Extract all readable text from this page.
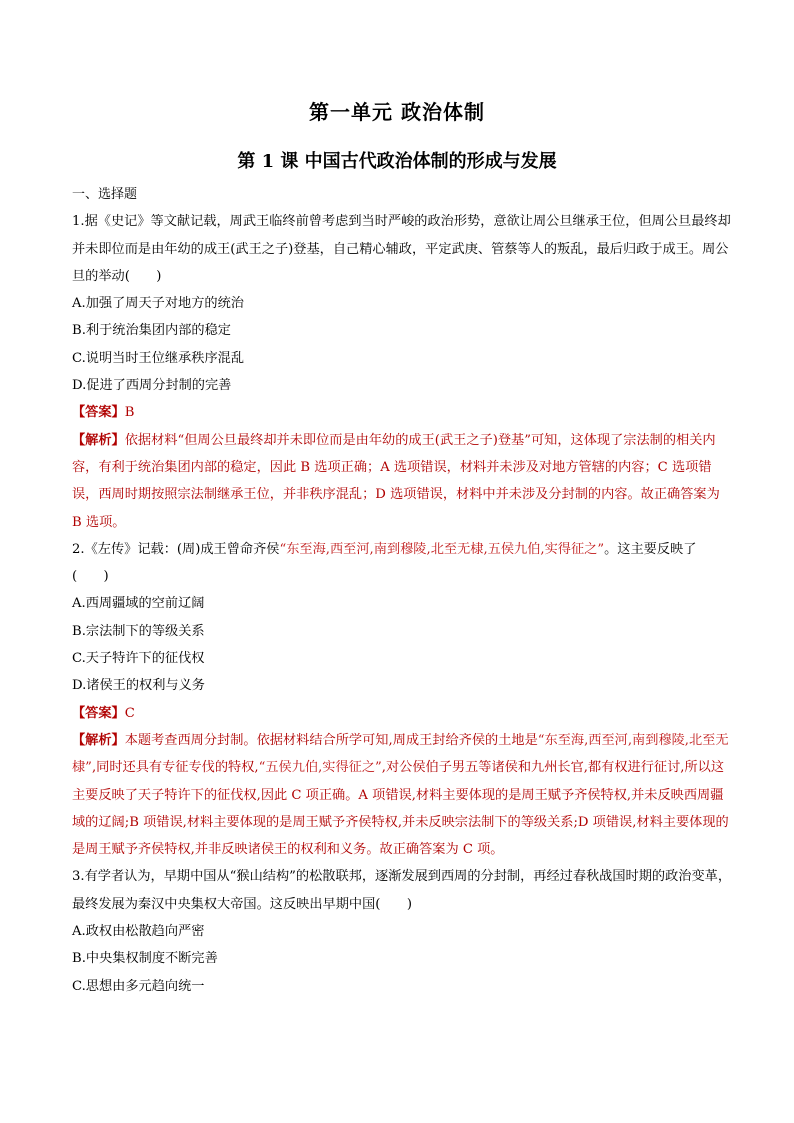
第一单元 政治体制
第 1 课 中国古代政治体制的形成与发展

一、选择题

1.据《史记》等文献记载，周武王临终前曾考虑到当时严峻的政治形势，意欲让周公旦继承王位，但周公旦最终却并未即位而是由年幼的成王(武王之子)登基，自己精心辅政，平定武庚、管蔡等人的叛乱，最后归政于成王。周公旦的举动(　　)

A.加强了周天子对地方的统治

B.利于统治集团内部的稳定

C.说明当时王位继承秩序混乱

D.促进了西周分封制的完善

【答案】B

【解析】依据材料“但周公旦最终却并未即位而是由年幼的成王(武王之子)登基”可知，这体现了宗法制的相关内容，有利于统治集团内部的稳定，因此 B 选项正确；A 选项错误，材料并未涉及对地方管辖的内容；C 选项错误，西周时期按照宗法制继承王位，并非秩序混乱；D 选项错误，材料中并未涉及分封制的内容。故正确答案为 B 选项。

2.《左传》记载：(周)成王曾命齐侯“东至海,西至河,南到穆陵,北至无棣,五侯九伯,实得征之”。这主要反映了(　　)

A.西周疆域的空前辽阔

B.宗法制下的等级关系

C.天子特许下的征伐权

D.诸侯王的权利与义务

【答案】C

【解析】本题考查西周分封制。依据材料结合所学可知,周成王封给齐侯的土地是“东至海,西至河,南到穆陵,北至无棣”,同时还具有专征专伐的特权,“五侯九伯,实得征之”,对公侯伯子男五等诸侯和九州长官,都有权进行征讨,所以这主要反映了天子特许下的征伐权,因此 C 项正确。A 项错误,材料主要体现的是周王赋予齐侯特权,并未反映西周疆域的辽阔;B 项错误,材料主要体现的是周王赋予齐侯特权,并未反映宗法制下的等级关系;D 项错误,材料主要体现的是周王赋予齐侯特权,并非反映诸侯王的权利和义务。故正确答案为 C 项。

3.有学者认为，早期中国从“猴山结构”的松散联邦，逐渐发展到西周的分封制，再经过春秋战国时期的政治变革，最终发展为秦汉中央集权大帝国。这反映出早期中国(　　)

A.政权由松散趋向严密

B.中央集权制度不断完善

C.思想由多元趋向统一
